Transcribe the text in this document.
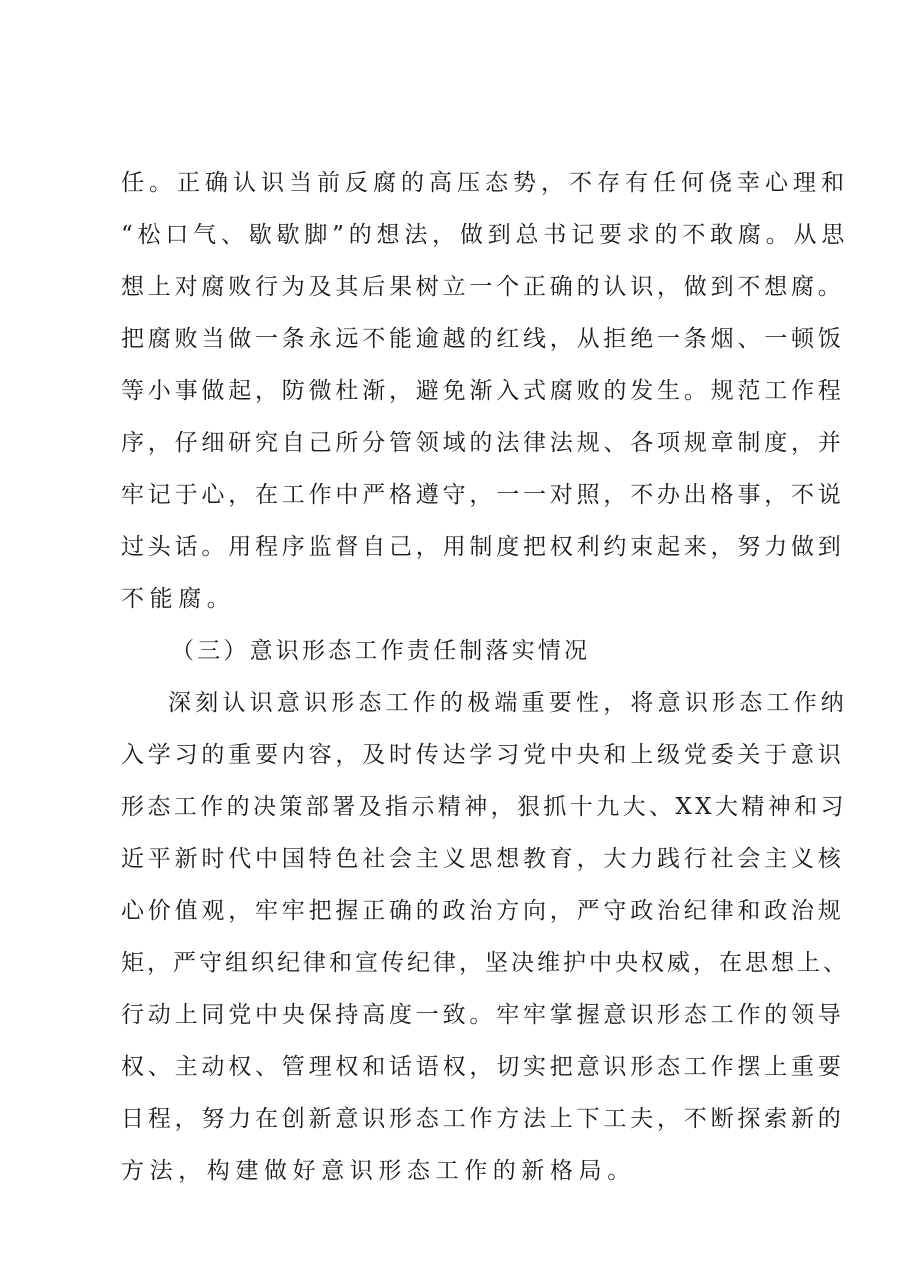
任。正确认识当前反腐的高压态势，不存有任何侥幸心理和
“松口气、歇歇脚”的想法，做到总书记要求的不敢腐。从思
想上对腐败行为及其后果树立一个正确的认识，做到不想腐。
把腐败当做一条永远不能逾越的红线，从拒绝一条烟、一顿饭
等小事做起，防微杜渐，避免渐入式腐败的发生。规范工作程
序，仔细研究自己所分管领域的法律法规、各项规章制度，并
牢记于心，在工作中严格遵守，一一对照，不办出格事，不说
过头话。用程序监督自己，用制度把权利约束起来，努力做到
不能腐。
（三）意识形态工作责任制落实情况
深刻认识意识形态工作的极端重要性，将意识形态工作纳
入学习的重要内容，及时传达学习党中央和上级党委关于意识
形态工作的决策部署及指示精神，狠抓十九大、XX大精神和习
近平新时代中国特色社会主义思想教育，大力践行社会主义核
心价值观，牢牢把握正确的政治方向，严守政治纪律和政治规
矩，严守组织纪律和宣传纪律，坚决维护中央权威，在思想上、
行动上同党中央保持高度一致。牢牢掌握意识形态工作的领导
权、主动权、管理权和话语权，切实把意识形态工作摆上重要
日程，努力在创新意识形态工作方法上下工夫，不断探索新的
方法，构建做好意识形态工作的新格局。
